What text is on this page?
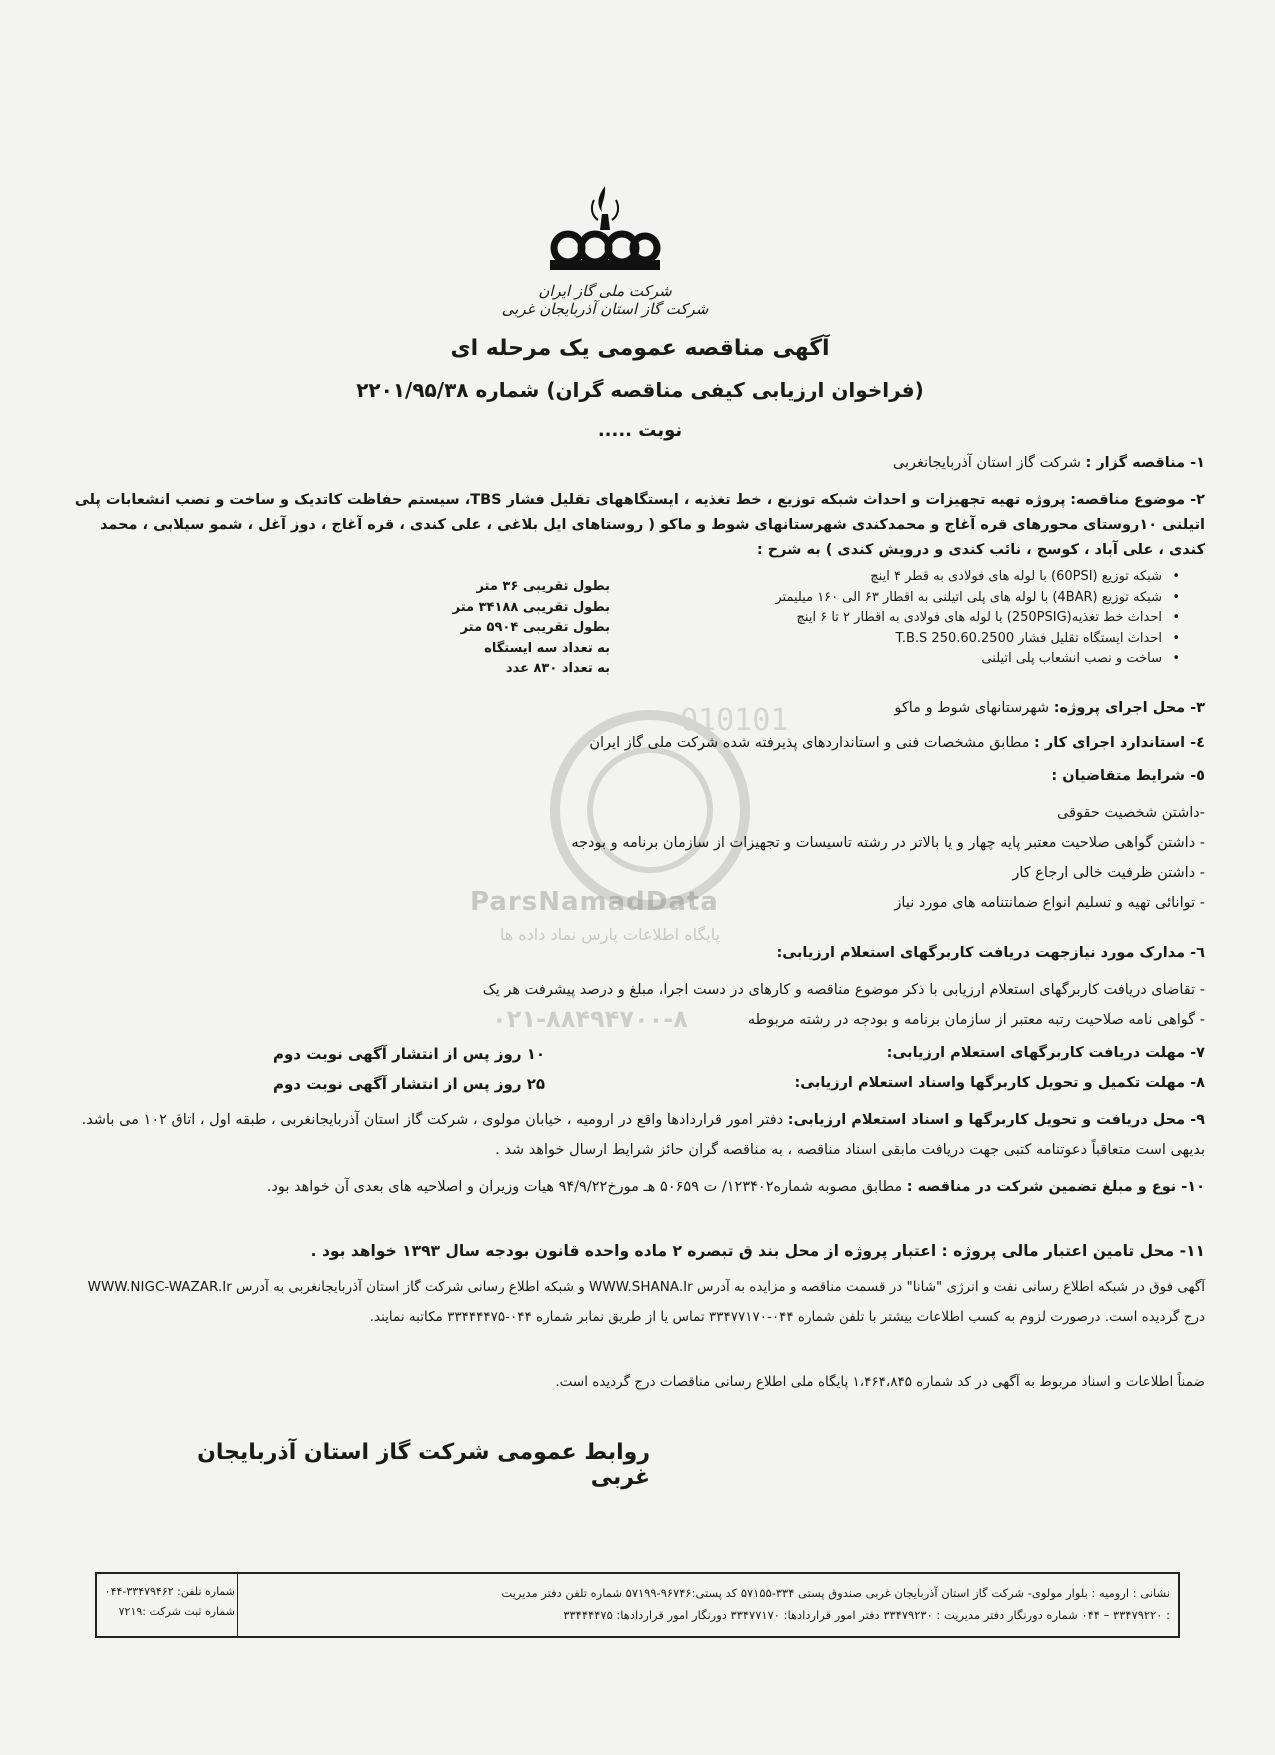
شرکت ملی گاز ایران
شرکت گاز استان آذربایجان غربی
آگهی مناقصه عمومی یک مرحله ای
(فراخوان ارزیابی کیفی مناقصه گران) شماره ۲۲۰۱/۹۵/۳۸
نوبت .....
010101
ParsNamadData
پایگاه اطلاعات پارس نماد داده ها
۰۲۱-۸۸۴۹۴۷۰۰-۸
۱- مناقصه گزار : شرکت گاز استان آذربایجانغربی
۲- موضوع مناقصه: پروژه تهیه تجهیزات و احداث شبکه توزیع ، خط تغذیه ، ایستگاههای تقلیل فشار TBS، سیستم حفاظت کاتدیک و ساخت و نصب انشعابات پلی اتیلنی ۱۰روستای محورهای قره آغاج و محمدکندی شهرستانهای شوط و ماکو ( روستاهای ایل بلاغی ، علی کندی ، قره آغاج ، دوز آغل ، شمو سیلابی ، محمد کندی ، علی آباد ، کوسج ، نائب کندی و درویش کندی ) به شرح :
• شبکه توزیع (60PSI) با لوله های فولادی به قطر ۴ اینچ
• شبکه توزیع (4BAR) با لوله های پلی اتیلنی به اقطار ۶۳ الی ۱۶۰ میلیمتر
• احداث خط تغذیه(250PSIG) با لوله های فولادی به اقطار ۲ تا ۶ اینچ
• احداث ایستگاه تقلیل فشار T.B.S 250.60.2500
• ساخت و نصب انشعاب پلی اتیلنی
بطول تقریبی ۳۶ متر
بطول تقریبی ۳۴۱۸۸ متر
بطول تقریبی ۵۹۰۴ متر
به تعداد سه ایستگاه
به تعداد ۸۳۰ عدد
۳- محل اجرای پروژه: شهرستانهای شوط و ماکو
٤- استاندارد اجرای کار : مطابق مشخصات فنی و استانداردهای پذیرفته شده شرکت ملی گاز ایران
٥- شرایط متقاضیان :
-داشتن شخصیت حقوقی
- داشتن گواهی صلاحیت معتبر پایه چهار و یا بالاتر در رشته تاسیسات و تجهیزات از سازمان برنامه و بودجه
- داشتن ظرفیت خالی ارجاع کار
- توانائی تهیه و تسلیم انواع ضمانتنامه های مورد نیاز
٦- مدارک مورد نیازجهت دریافت کاربرگهای استعلام ارزیابی:
- تقاضای دریافت کاربرگهای استعلام ارزیابی با ذکر موضوع مناقصه و کارهای در دست اجرا، مبلغ و درصد پیشرفت هر یک
- گواهی نامه صلاحیت رتبه معتبر از سازمان برنامه و بودجه در رشته مربوطه
۷- مهلت دریافت کاربرگهای استعلام ارزیابی:
۱۰ روز پس از انتشار آگهی نوبت دوم
۸- مهلت تکمیل و تحویل کاربرگها واسناد استعلام ارزیابی:
۲۵ روز پس از انتشار آگهی نوبت دوم
۹- محل دریافت و تحویل کاربرگها و اسناد استعلام ارزیابی: دفتر امور قراردادها واقع در ارومیه ، خیابان مولوی ، شرکت گاز استان آذربایجانغربی ، طبقه اول ، اتاق ۱۰۲ می باشد. بدیهی است متعاقباً دعوتنامه کتبی جهت دریافت مابقی اسناد مناقصه ، به مناقصه گران حائز شرایط ارسال خواهد شد .
۱۰- نوع و مبلغ تضمین شرکت در مناقصه : مطابق مصوبه شماره۱۲۳۴۰۲/ ت ۵۰۶۵۹ هـ مورخ۹۴/۹/۲۲ هیات وزیران و اصلاحیه های بعدی آن خواهد بود.
۱۱- محل تامین اعتبار مالی پروژه : اعتبار پروژه از محل بند ق تبصره ۲ ماده واحده قانون بودجه سال ۱۳۹۳ خواهد بود .
آگهی فوق در شبکه اطلاع رسانی نفت و انرژی "شانا" در قسمت مناقصه و مزایده به آدرس WWW.SHANA.Ir و شبکه اطلاع رسانی شرکت گاز استان آذربایجانغربی به آدرس WWW.NIGC-WAZAR.Ir درج گردیده است. درصورت لزوم به کسب اطلاعات بیشتر با تلفن شماره ۰۴۴-۳۳۴۷۷۱۷۰ تماس یا از طریق نمابر شماره ۰۴۴-۳۳۴۴۴۴۷۵ مکاتبه نمایند.
ضمناً اطلاعات و اسناد مربوط به آگهی در کد شماره ۱،۴۶۴،۸۴۵ پایگاه ملی اطلاع رسانی مناقصات درج گردیده است.
روابط عمومی شرکت گاز استان آذربایجان غربی
نشانی : ارومیه : بلوار مولوی- شرکت گاز استان آذربایجان غربی صندوق پستی ۳۳۴-۵۷۱۵۵ کد پستی:۹۶۷۴۶-۵۷۱۹۹ شماره تلفن دفتر مدیریت
: ۳۳۴۷۹۲۲۰ – ۰۴۴ شماره دورنگار دفتر مدیریت : ۳۳۴۷۹۲۳۰ دفتر امور قراردادها: ۳۳۴۷۷۱۷۰ دورنگار امور قراردادها: ۳۳۴۴۴۴۷۵
شماره تلفن: ۳۳۴۷۹۴۶۲-۰۴۴
شماره ثبت شرکت :۷۲۱۹
